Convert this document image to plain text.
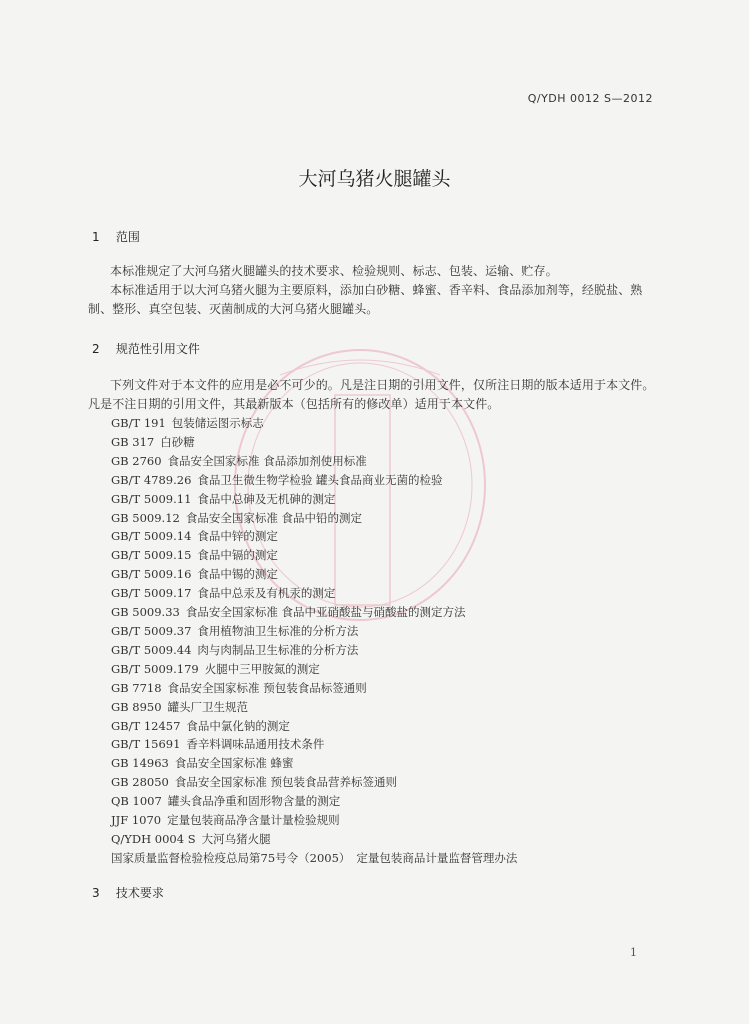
Q/YDH 0012 S—2012
大河乌猪火腿罐头
1 范围
本标准规定了大河乌猪火腿罐头的技术要求、检验规则、标志、包装、运输、贮存。
本标准适用于以大河乌猪火腿为主要原料，添加白砂糖、蜂蜜、香辛料、食品添加剂等，经脱盐、熟制、整形、真空包装、灭菌制成的大河乌猪火腿罐头。
2 规范性引用文件
下列文件对于本文件的应用是必不可少的。凡是注日期的引用文件，仅所注日期的版本适用于本文件。凡是不注日期的引用文件，其最新版本（包括所有的修改单）适用于本文件。
GB/T 191 包装储运图示标志
GB 317 白砂糖
GB 2760 食品安全国家标准 食品添加剂使用标准
GB/T 4789.26 食品卫生微生物学检验 罐头食品商业无菌的检验
GB/T 5009.11 食品中总砷及无机砷的测定
GB 5009.12 食品安全国家标准 食品中铅的测定
GB/T 5009.14 食品中锌的测定
GB/T 5009.15 食品中镉的测定
GB/T 5009.16 食品中锡的测定
GB/T 5009.17 食品中总汞及有机汞的测定
GB 5009.33 食品安全国家标准 食品中亚硝酸盐与硝酸盐的测定方法
GB/T 5009.37 食用植物油卫生标准的分析方法
GB/T 5009.44 肉与肉制品卫生标准的分析方法
GB/T 5009.179 火腿中三甲胺氮的测定
GB 7718 食品安全国家标准 预包装食品标签通则
GB 8950 罐头厂卫生规范
GB/T 12457 食品中氯化钠的测定
GB/T 15691 香辛料调味品通用技术条件
GB 14963 食品安全国家标准 蜂蜜
GB 28050 食品安全国家标准 预包装食品营养标签通则
QB 1007 罐头食品净重和固形物含量的测定
JJF 1070 定量包装商品净含量计量检验规则
Q/YDH 0004 S 大河乌猪火腿
国家质量监督检验检疫总局第75号令（2005） 定量包装商品计量监督管理办法
3 技术要求
1
